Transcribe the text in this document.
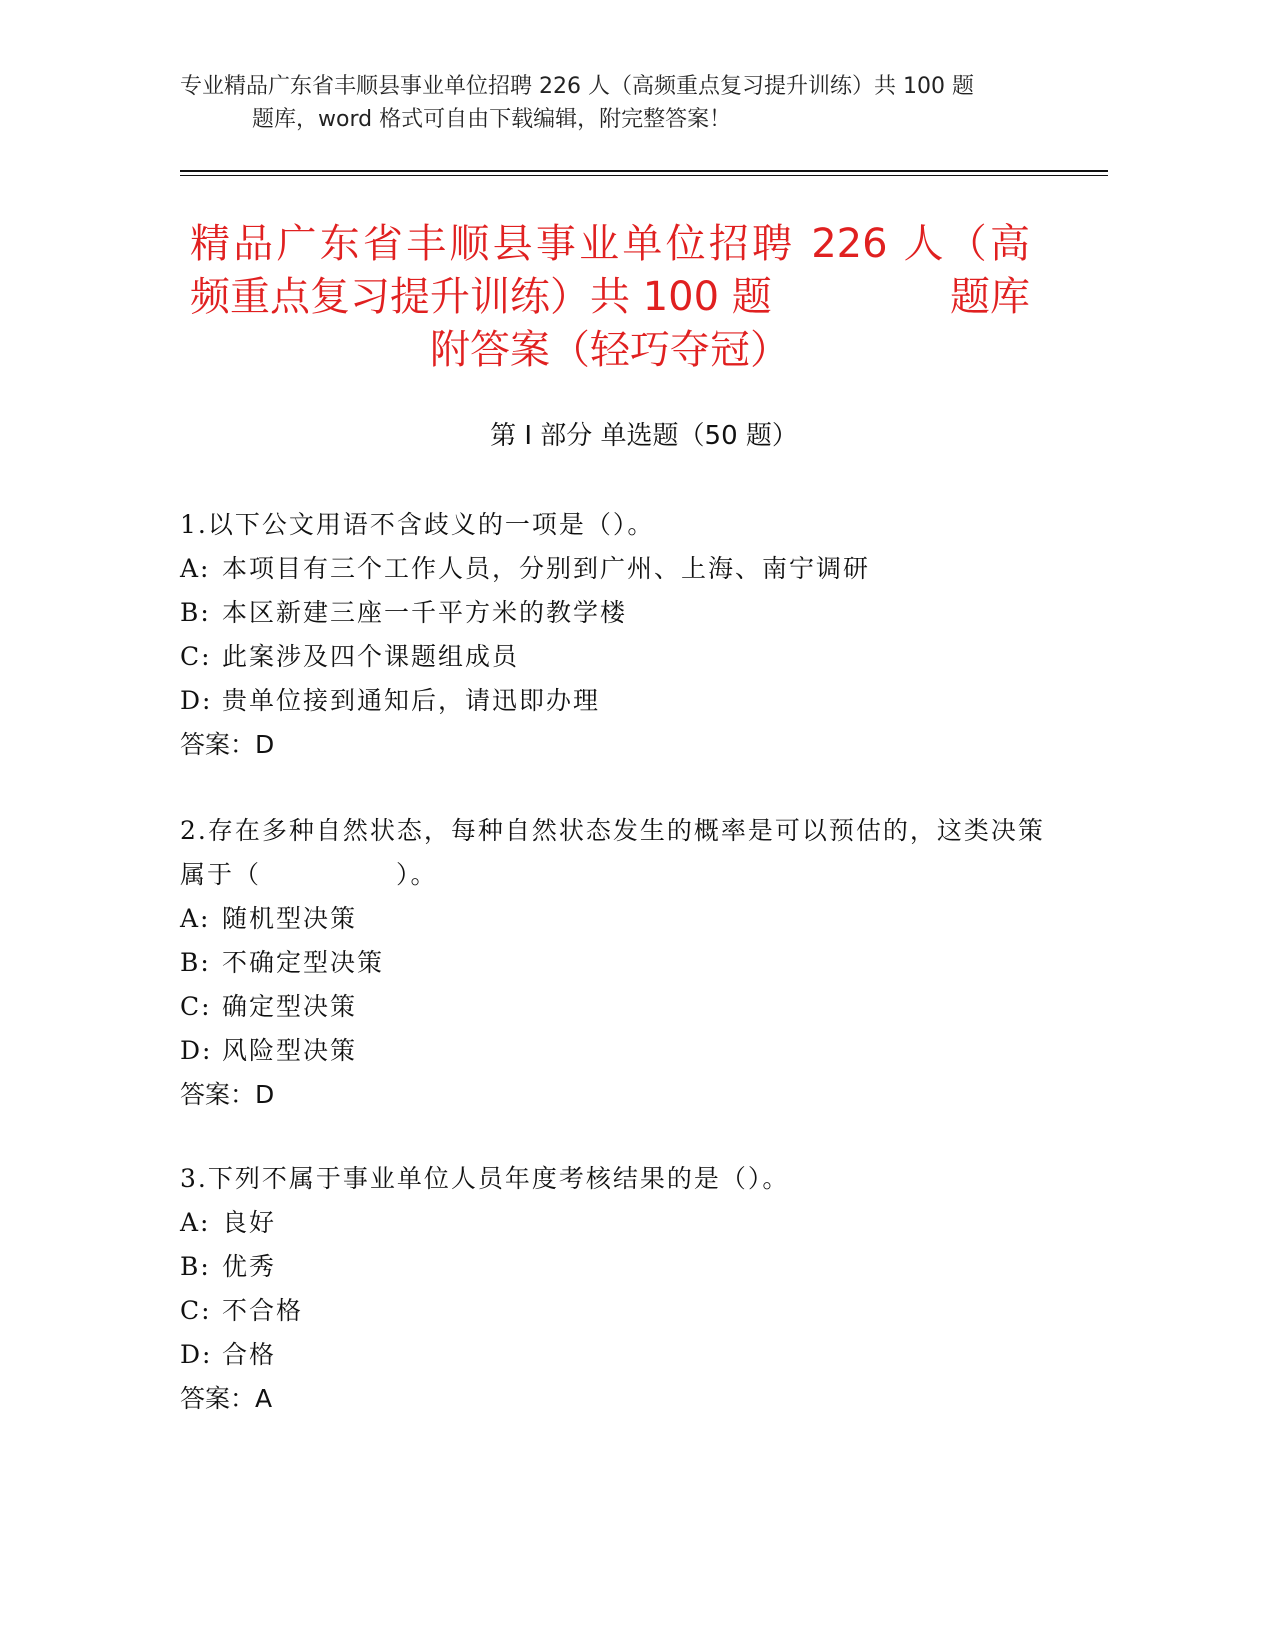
专业精品广东省丰顺县事业单位招聘 226 人（高频重点复习提升训练）共 100 题
题库，word 格式可自由下载编辑，附完整答案！
精品广东省丰顺县事业单位招聘 226 人（高
频重点复习提升训练）共 100 题	题库
附答案（轻巧夺冠）
第 I 部分 单选题（50 题）
1.以下公文用语不含歧义的一项是（）。
A: 本项目有三个工作人员，分别到广州、上海、南宁调研
B: 本区新建三座一千平方米的教学楼
C: 此案涉及四个课题组成员
D: 贵单位接到通知后，请迅即办理
答案：D
2.存在多种自然状态，每种自然状态发生的概率是可以预估的，这类决策属于（　　　　　）。
A: 随机型决策
B: 不确定型决策
C: 确定型决策
D: 风险型决策
答案：D
3.下列不属于事业单位人员年度考核结果的是（）。
A: 良好
B: 优秀
C: 不合格
D: 合格
答案：A
